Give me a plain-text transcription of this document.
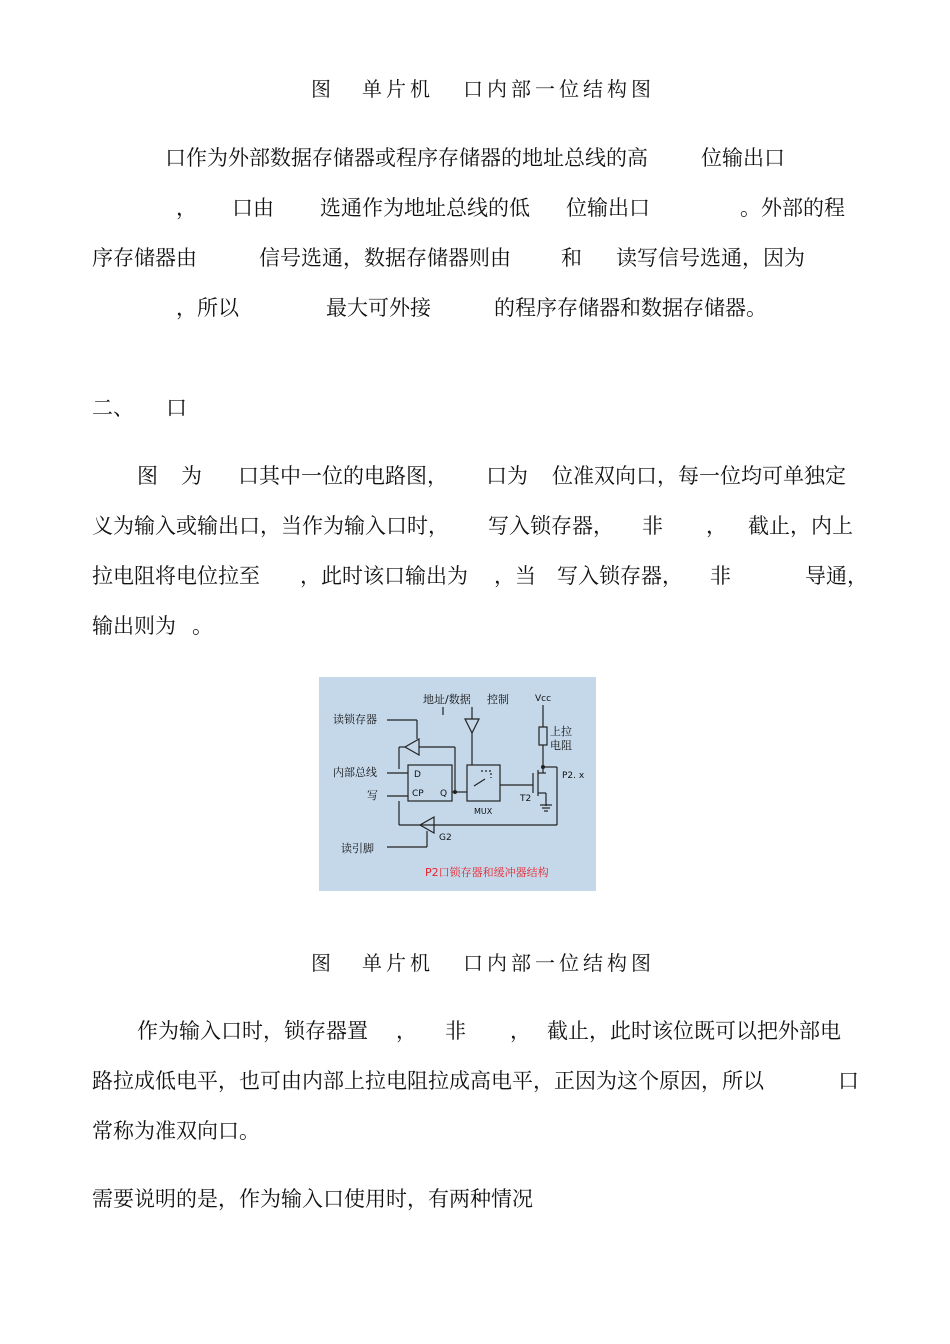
图 单片机 口内部一位结构图
口作为外部数据存储器或程序存储器的地址总线的高	位输出口
， 口由 选通作为地址总线的低 位输出口	。外部的程
序存储器由	信号选通，数据存储器则由 和 读写信号选通，因为
，所以	最大可外接	的程序存储器和数据存储器。
二、 口
图 为 口其中一位的电路图， 口为 位准双向口，每一位均可单独定
义为输入或输出口，当作为输入口时， 写入锁存器， 非 ， 截止，内上
拉电阻将电位拉至 ，此时该口输出为 ，当 写入锁存器， 非	导通，
输出则为 。
地址/数据 控制	Vcc
读锁存器
上拉
电阻
内部总线	D
CP Q
P2. x
写
MUX
T2
G2
读引脚
P2口锁存器和缓冲器结构
图 单片机 口内部一位结构图
作为输入口时，锁存器置 ， 非 ， 截止，此时该位既可以把外部电
路拉成低电平，也可由内部上拉电阻拉成高电平，正因为这个原因，所以	口
常称为准双向口。
需要说明的是，作为输入口使用时，有两种情况
